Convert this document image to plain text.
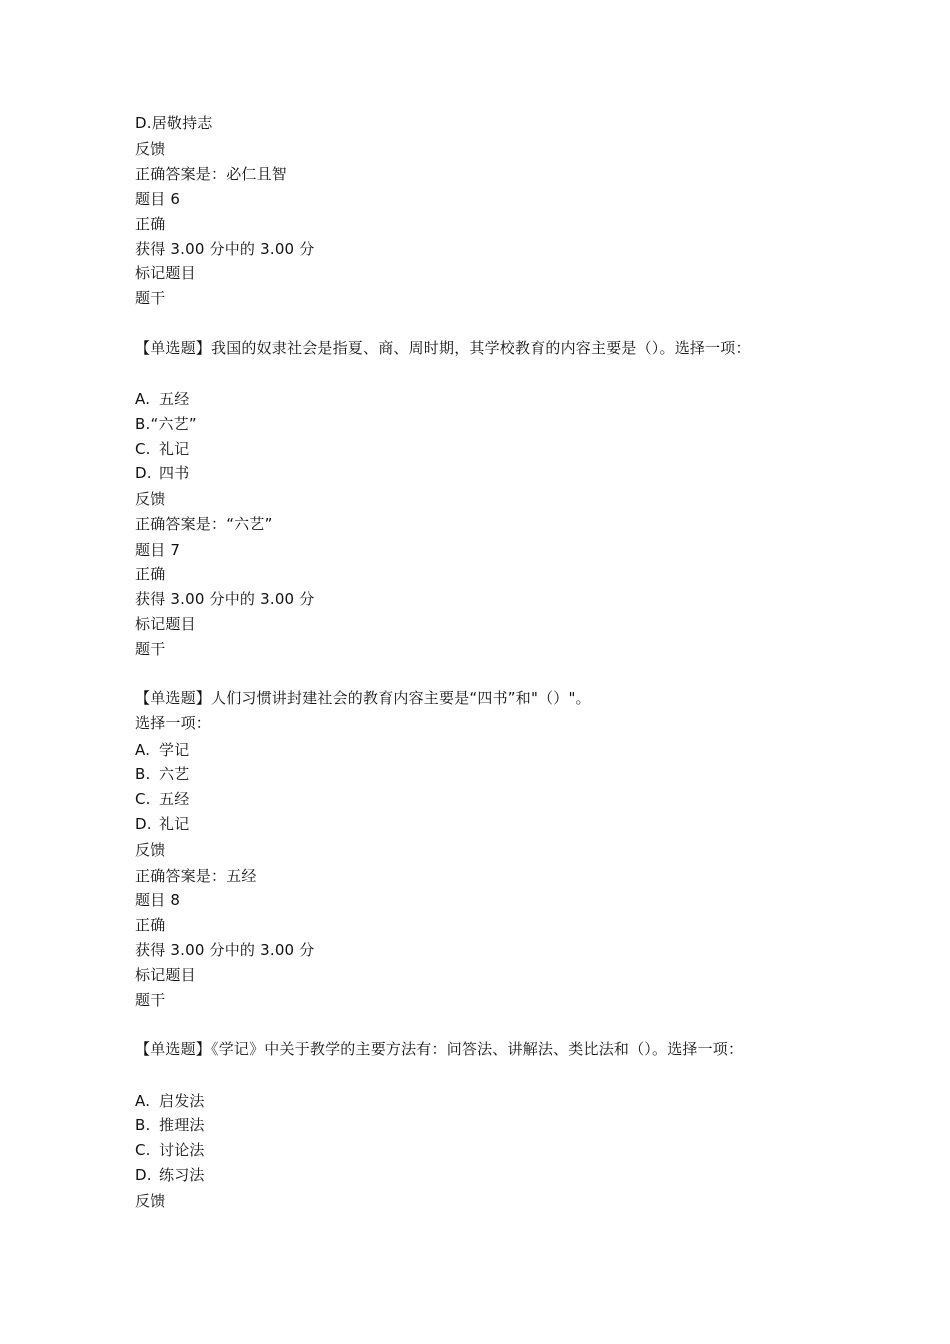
D.居敬持志
反馈
正确答案是：必仁且智
题目 6
正确
获得 3.00 分中的 3.00 分
标记题目
题干
【单选题】我国的奴隶社会是指夏、商、周时期，其学校教育的内容主要是（）。选择一项：
A. 五经
B.“六艺”
C. 礼记
D. 四书
反馈
正确答案是：“六艺”
题目 7
正确
获得 3.00 分中的 3.00 分
标记题目
题干
【单选题】人们习惯讲封建社会的教育内容主要是“四书”和"（）"。
选择一项：
A. 学记
B. 六艺
C. 五经
D. 礼记
反馈
正确答案是：五经
题目 8
正确
获得 3.00 分中的 3.00 分
标记题目
题干
【单选题】《学记》中关于教学的主要方法有：问答法、讲解法、类比法和（）。选择一项：
A. 启发法
B. 推理法
C. 讨论法
D. 练习法
反馈
